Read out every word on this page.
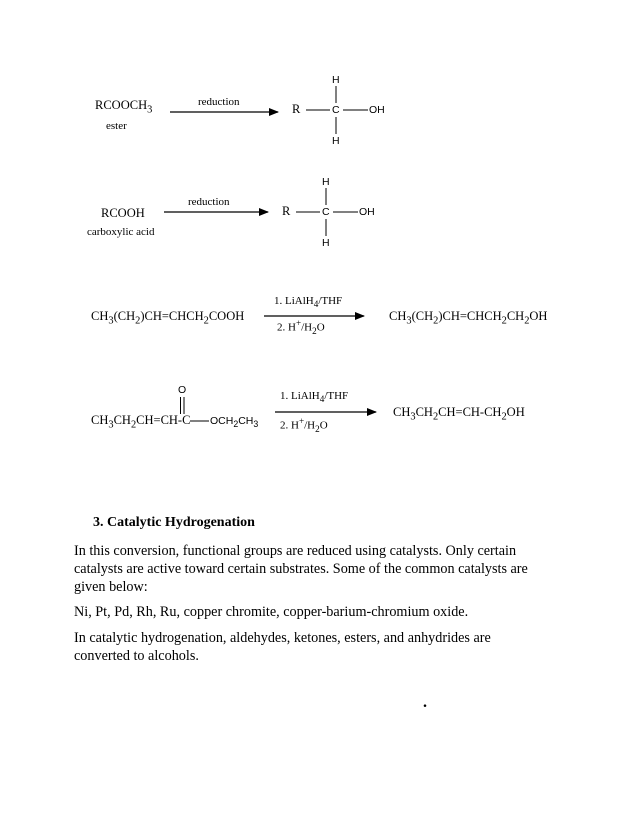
$RCOOCH_3$
ester
reduction	R	C	OH
H
H
RCOOH
carboxylic acid
reduction
R	C	OH
H
H
$CH_3(CH_2)CH=CHCH_2COOH$
1. LiAlH$_4$/THF
2. $H^+/H_2O$
$CH_3(CH_2)CH=CHCH_2CH_2OH$
O
$CH_3CH_2CH=CH-C$ $OCH_2CH_3$
1. LiAlH$_4$/THF
2. $H^+/H_2O$
$CH_3CH_2CH=CH-CH_2OH$
3. Catalytic Hydrogenation
In this conversion, functional groups are reduced using catalysts. Only certain
catalysts are active toward certain substrates. Some of the common catalysts are
given below:
Ni, Pt, Pd, Rh, Ru, copper chromite, copper-barium-chromium oxide.
In catalytic hydrogenation, aldehydes, ketones, esters, and anhydrides are
converted to alcohols.
.
